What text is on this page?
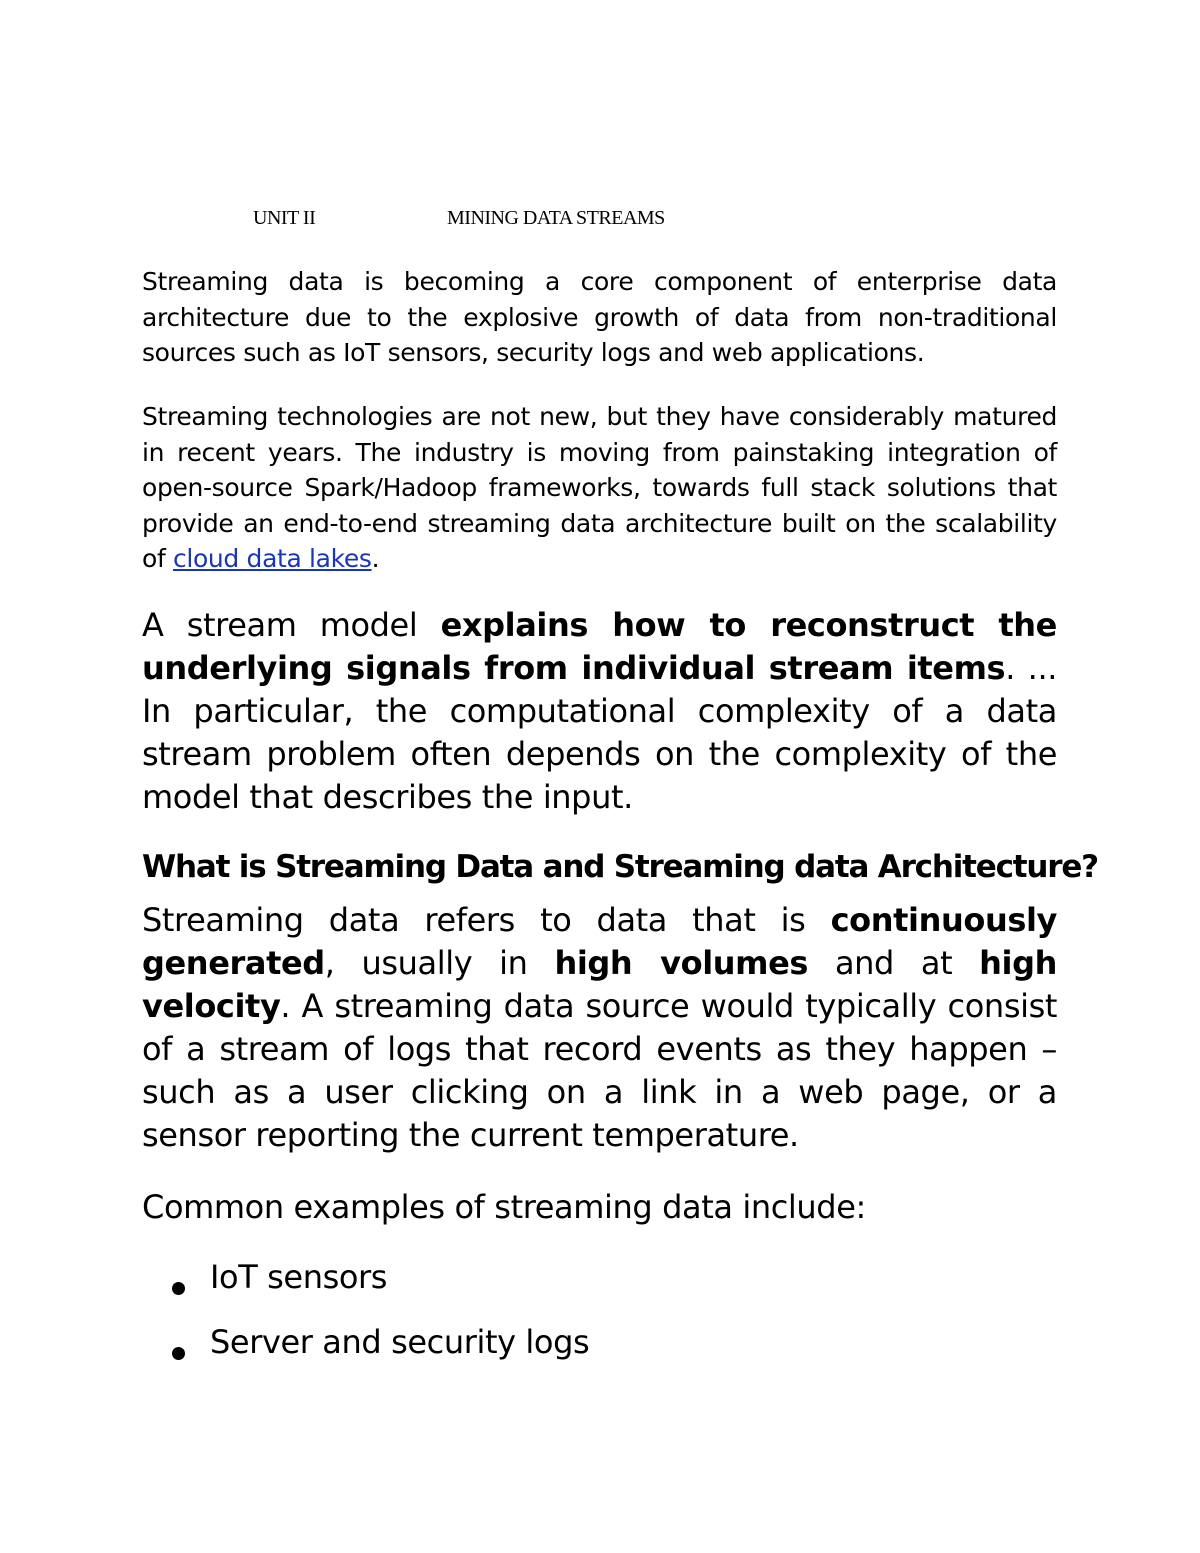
UNIT II	MINING DATA STREAMS

Streaming data is becoming a core component of enterprise data architecture due to the explosive growth of data from non-traditional sources such as IoT sensors, security logs and web applications.

Streaming technologies are not new, but they have considerably matured in recent years. The industry is moving from painstaking integration of open-source Spark/Hadoop frameworks, towards full stack solutions that provide an end-to-end streaming data architecture built on the scalability of cloud data lakes.

A stream model explains how to reconstruct the underlying signals from individual stream items. ... In particular, the computational complexity of a data stream problem often depends on the complexity of the model that describes the input.

What is Streaming Data and Streaming data Architecture?

Streaming data refers to data that is continuously generated, usually in high volumes and at high velocity. A streaming data source would typically consist of a stream of logs that record events as they happen – such as a user clicking on a link in a web page, or a sensor reporting the current temperature.

Common examples of streaming data include:

IoT sensors
Server and security logs
